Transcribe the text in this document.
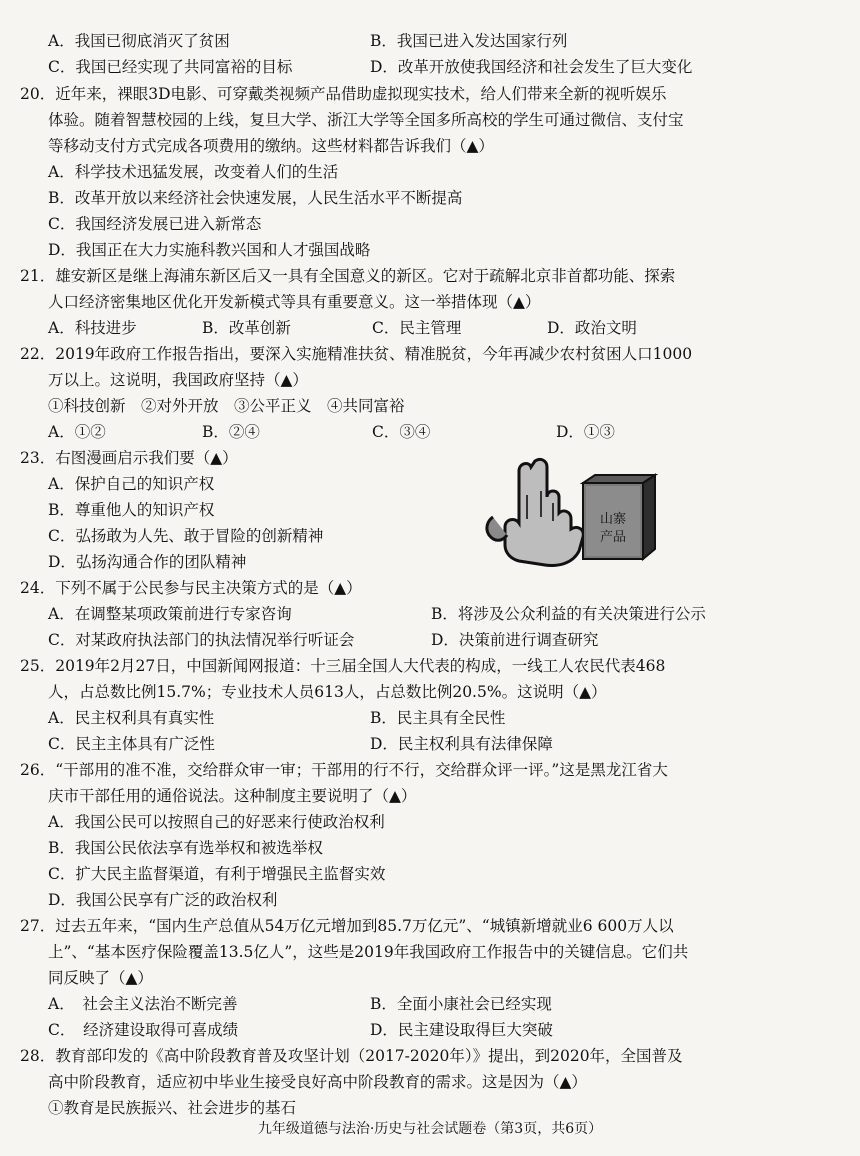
A．我国已彻底消灭了贫困	B．我国已进入发达国家行列
C．我国已经实现了共同富裕的目标	D．改革开放使我国经济和社会发生了巨大变化
20．近年来，裸眼3D电影、可穿戴类视频产品借助虚拟现实技术，给人们带来全新的视听娱乐
体验。随着智慧校园的上线，复旦大学、浙江大学等全国多所高校的学生可通过微信、支付宝
等移动支付方式完成各项费用的缴纳。这些材料都告诉我们（▲）
A．科学技术迅猛发展，改变着人们的生活
B．改革开放以来经济社会快速发展，人民生活水平不断提高
C．我国经济发展已进入新常态
D．我国正在大力实施科教兴国和人才强国战略
21．雄安新区是继上海浦东新区后又一具有全国意义的新区。它对于疏解北京非首都功能、探索
人口经济密集地区优化开发新模式等具有重要意义。这一举措体现（▲）
A．科技进步	B．改革创新	C．民主管理	D．政治文明
22．2019年政府工作报告指出，要深入实施精准扶贫、精准脱贫，今年再减少农村贫困人口1000
万以上。这说明，我国政府坚持（▲）
①科技创新　②对外开放　③公平正义　④共同富裕
A．①②	B．②④	C．③④	D．①③
23．右图漫画启示我们要（▲）
A．保护自己的知识产权
B．尊重他人的知识产权
C．弘扬敢为人先、敢于冒险的创新精神
D．弘扬沟通合作的团队精神
山寨
产品
24．下列不属于公民参与民主决策方式的是（▲）
A．在调整某项政策前进行专家咨询	B．将涉及公众利益的有关决策进行公示
C．对某政府执法部门的执法情况举行听证会	D．决策前进行调查研究
25．2019年2月27日，中国新闻网报道：十三届全国人大代表的构成，一线工人农民代表468
人，占总数比例15.7%；专业技术人员613人，占总数比例20.5%。这说明（▲）
A．民主权利具有真实性	B．民主具有全民性
C．民主主体具有广泛性	D．民主权利具有法律保障
26．“干部用的准不准，交给群众审一审；干部用的行不行，交给群众评一评。”这是黑龙江省大
庆市干部任用的通俗说法。这种制度主要说明了（▲）
A．我国公民可以按照自己的好恶来行使政治权利
B．我国公民依法享有选举权和被选举权
C．扩大民主监督渠道，有利于增强民主监督实效
D．我国公民享有广泛的政治权利
27．过去五年来，“国内生产总值从54万亿元增加到85.7万亿元”、“城镇新增就业6 600万人以
上”、“基本医疗保险覆盖13.5亿人”，这些是2019年我国政府工作报告中的关键信息。它们共
同反映了（▲）
A．　社会主义法治不断完善	B．全面小康社会已经实现
C．　经济建设取得可喜成绩	D．民主建设取得巨大突破
28．教育部印发的《高中阶段教育普及攻坚计划（2017-2020年）》提出，到2020年，全国普及
高中阶段教育，适应初中毕业生接受良好高中阶段教育的需求。这是因为（▲）
①教育是民族振兴、社会进步的基石
九年级道德与法治·历史与社会试题卷（第3页，共6页）
